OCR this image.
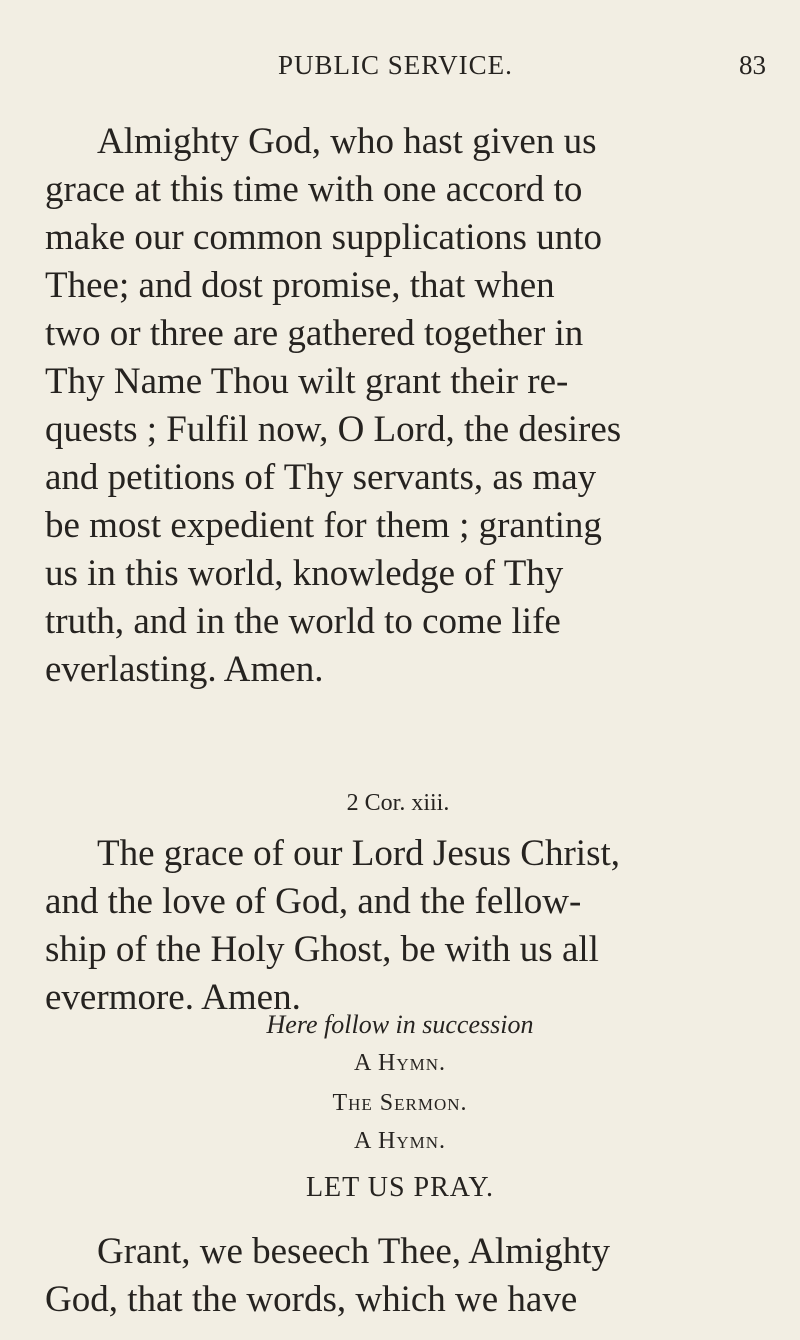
PUBLIC SERVICE.	83
Almighty God, who hast given us
grace at this time with one accord to
make our common supplications unto
Thee; and dost promise, that when
two or three are gathered together in
Thy Name Thou wilt grant their re-
quests ; Fulfil now, O Lord, the desires
and petitions of Thy servants, as may
be most expedient for them ; granting
us in this world, knowledge of Thy
truth, and in the world to come life
everlasting. Amen.
2 Cor. xiii.
The grace of our Lord Jesus Christ,
and the love of God, and the fellow-
ship of the Holy Ghost, be with us all
evermore. Amen.
Here follow in succession
A Hymn.
The Sermon.
A Hymn.
LET US PRAY.
Grant, we beseech Thee, Almighty
God, that the words, which we have
